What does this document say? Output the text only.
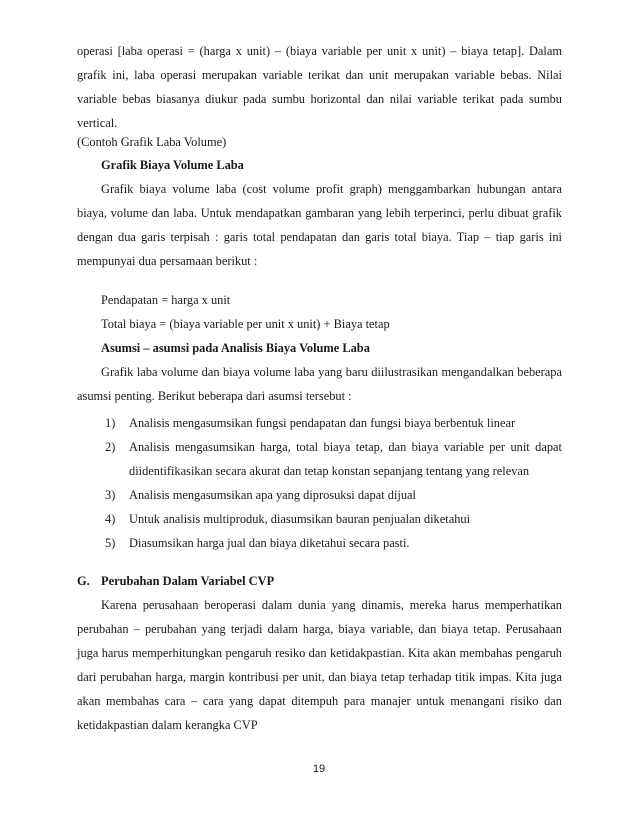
operasi [laba operasi = (harga x unit) – (biaya variable per unit x unit) – biaya tetap]. Dalam
grafik ini, laba operasi merupakan variable terikat dan unit merupakan variable bebas. Nilai
variable bebas biasanya diukur pada sumbu horizontal dan nilai variable terikat pada sumbu
vertical.
(Contoh Grafik Laba Volume)
Grafik Biaya Volume Laba
Grafik biaya volume laba (cost volume profit graph) menggambarkan hubungan antara
biaya, volume dan laba. Untuk mendapatkan gambaran yang lebih terperinci, perlu dibuat grafik
dengan dua garis terpisah : garis total pendapatan dan garis total biaya. Tiap – tiap garis ini
mempunyai dua persamaan berikut :
Pendapatan = harga x unit
Total biaya = (biaya variable per unit x unit) + Biaya tetap
Asumsi – asumsi pada Analisis Biaya Volume Laba
Grafik laba volume dan biaya volume laba yang baru diilustrasikan mengandalkan beberapa
asumsi penting. Berikut beberapa dari asumsi tersebut :
1) Analisis mengasumsikan fungsi pendapatan dan fungsi biaya berbentuk linear
2) Analisis mengasumsikan harga, total biaya tetap, dan biaya variable per unit dapat
diidentifikasikan secara akurat dan tetap konstan sepanjang tentang yang relevan
3) Analisis mengasumsikan apa yang diprosuksi dapat dijual
4) Untuk analisis multiproduk, diasumsikan bauran penjualan diketahui
5) Diasumsikan harga jual dan biaya diketahui secara pasti.
G. Perubahan Dalam Variabel CVP
Karena perusahaan beroperasi dalam dunia yang dinamis, mereka harus memperhatikan
perubahan – perubahan yang terjadi dalam harga, biaya variable, dan biaya tetap. Perusahaan
juga harus memperhitungkan pengaruh resiko dan ketidakpastian. Kita akan membahas pengaruh
dari perubahan harga, margin kontribusi per unit, dan biaya tetap terhadap titik impas. Kita juga
akan membahas cara – cara yang dapat ditempuh para manajer untuk menangani risiko dan
ketidakpastian dalam kerangka CVP
19
